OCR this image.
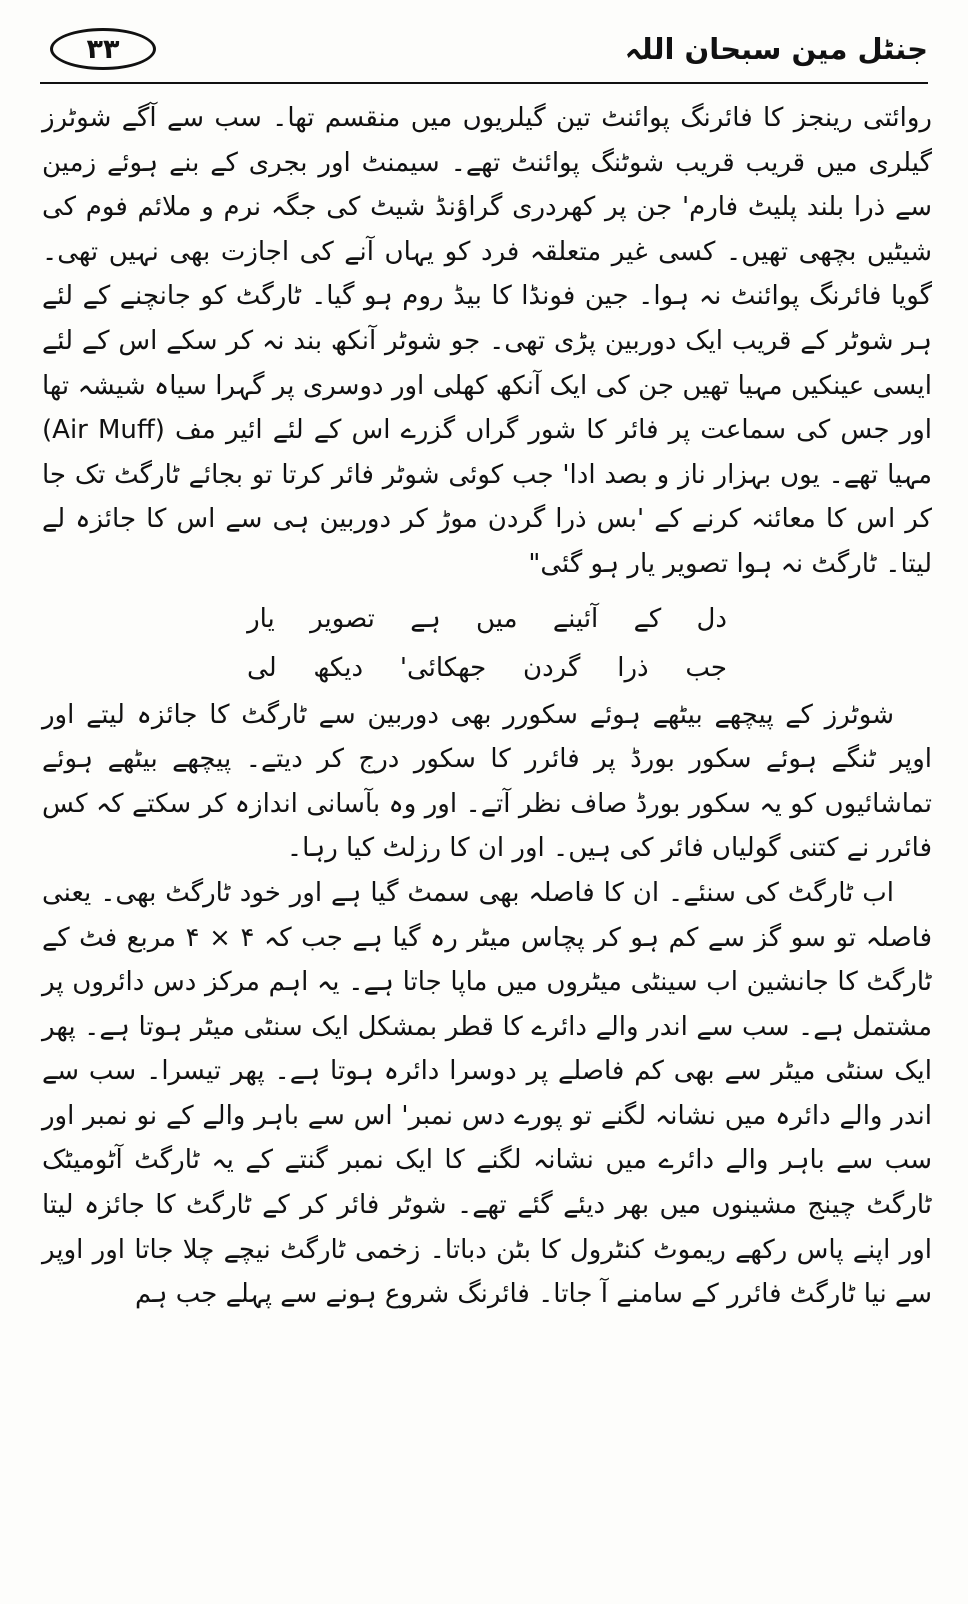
جنٹل مین سبحان اللہ
۳۳

روائتی رینجز کا فائرنگ پوائنٹ تین گیلریوں میں منقسم تھا۔ سب سے آگے شوٹرز گیلری میں قریب قریب شوٹنگ پوائنٹ تھے۔ سیمنٹ اور بجری کے بنے ہوئے زمین سے ذرا بلند پلیٹ فارم' جن پر کھردری گراؤنڈ شیٹ کی جگہ نرم و ملائم فوم کی شیٹیں بچھی تھیں۔ کسی غیر متعلقہ فرد کو یہاں آنے کی اجازت بھی نہیں تھی۔ گویا فائرنگ پوائنٹ نہ ہوا۔ جین فونڈا کا بیڈ روم ہو گیا۔ ٹارگٹ کو جانچنے کے لئے ہر شوٹر کے قریب ایک دوربین پڑی تھی۔ جو شوٹر آنکھ بند نہ کر سکے اس کے لئے ایسی عینکیں مہیا تھیں جن کی ایک آنکھ کھلی اور دوسری پر گہرا سیاہ شیشہ تھا اور جس کی سماعت پر فائر کا شور گراں گزرے اس کے لئے ائیر مف (Air Muff) مہیا تھے۔ یوں بہزار ناز و بصد ادا' جب کوئی شوٹر فائر کرتا تو بجائے ٹارگٹ تک جا کر اس کا معائنہ کرنے کے 'بس ذرا گردن موڑ کر دوربین ہی سے اس کا جائزہ لے لیتا۔ ٹارگٹ نہ ہوا تصویر یار ہو گئی"

دل
کے
آئینے
میں
ہے
تصویر
یار
جب
ذرا
گردن
جھکائی'
دیکھ
لی

شوٹرز کے پیچھے بیٹھے ہوئے سکورر بھی دوربین سے ٹارگٹ کا جائزہ لیتے اور اوپر ٹنگے ہوئے سکور بورڈ پر فائرر کا سکور درج کر دیتے۔ پیچھے بیٹھے ہوئے تماشائیوں کو یہ سکور بورڈ صاف نظر آتے۔ اور وہ بآسانی اندازہ کر سکتے کہ کس فائرر نے کتنی گولیاں فائر کی ہیں۔ اور ان کا رزلٹ کیا رہا۔

اب ٹارگٹ کی سنئے۔ ان کا فاصلہ بھی سمٹ گیا ہے اور خود ٹارگٹ بھی۔ یعنی فاصلہ تو سو گز سے کم ہو کر پچاس میٹر رہ گیا ہے جب کہ ۴ × ۴ مربع فٹ کے ٹارگٹ کا جانشین اب سینٹی میٹروں میں ماپا جاتا ہے۔ یہ اہم مرکز دس دائروں پر مشتمل ہے۔ سب سے اندر والے دائرے کا قطر بمشکل ایک سنٹی میٹر ہوتا ہے۔ پھر ایک سنٹی میٹر سے بھی کم فاصلے پر دوسرا دائرہ ہوتا ہے۔ پھر تیسرا۔ سب سے اندر والے دائرہ میں نشانہ لگنے تو پورے دس نمبر' اس سے باہر والے کے نو نمبر اور سب سے باہر والے دائرے میں نشانہ لگنے کا ایک نمبر گنتے کے یہ ٹارگٹ آٹومیٹک ٹارگٹ چینج مشینوں میں بھر دیئے گئے تھے۔ شوٹر فائر کر کے ٹارگٹ کا جائزہ لیتا اور اپنے پاس رکھے ریموٹ کنٹرول کا بٹن دباتا۔ زخمی ٹارگٹ نیچے چلا جاتا اور اوپر سے نیا ٹارگٹ فائرر کے سامنے آ جاتا۔ فائرنگ شروع ہونے سے پہلے جب ہم
